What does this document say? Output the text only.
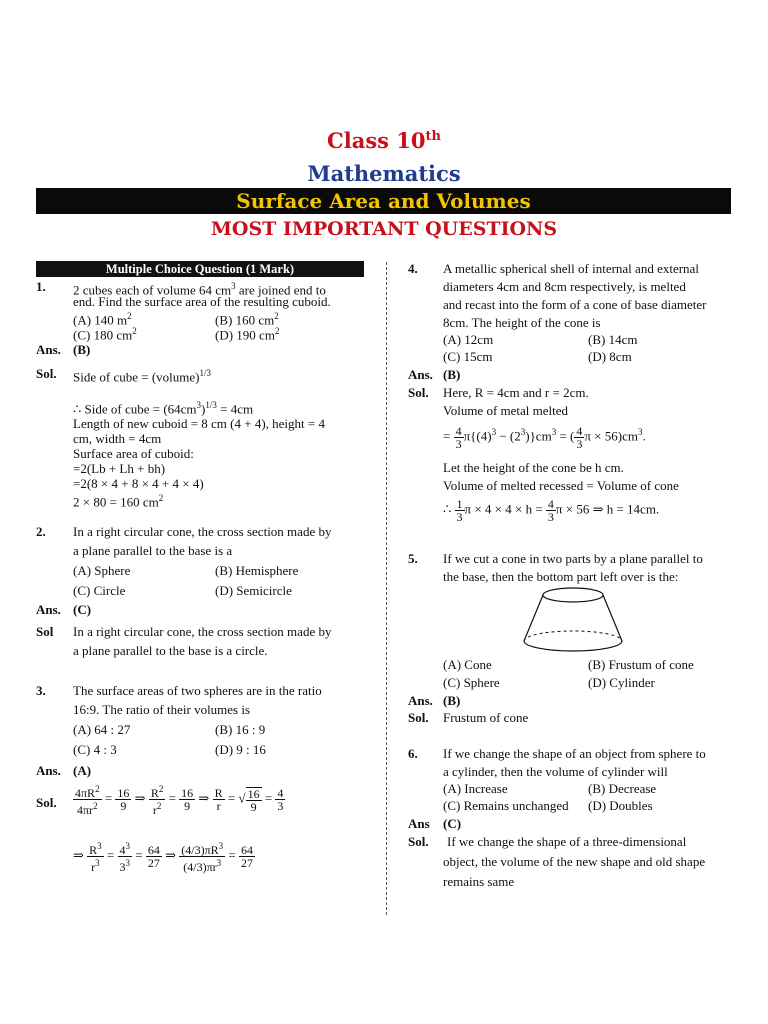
Class 10th
Mathematics
Surface Area and Volumes
MOST IMPORTANT QUESTIONS
Multiple Choice Question (1 Mark)
1. 2 cubes each of volume 64 $cm^3$ are joined end to
end. Find the surface area of the resulting cuboid.
(A) 140 $m^2$	(B) 160 $cm^2$
(C) 180 $cm^2$	(D) 190 $cm^2$
Ans. (B)
Sol. Side of cube = (volume)$^{1/3}$
∴ Side of cube = $(64cm^3)^{1/3} = 4cm$
Length of new cuboid = 8 cm (4 + 4), height = 4
cm, width = 4cm
Surface area of cuboid:
=2(Lb + Lh + bh)
=2(8 × 4 + 8 × 4 + 4 × 4)
2 × 80 = 160 $cm^2$
2. In a right circular cone, the cross section made by
a plane parallel to the base is a
(A) Sphere	(B) Hemisphere
(C) Circle	(D) Semicircle
Ans. (C)
Sol In a right circular cone, the cross section made by
a plane parallel to the base is a circle.
3. The surface areas of two spheres are in the ratio
16:9. The ratio of their volumes is
(A) 64 : 27	(B) 16 : 9
(C) 4 : 3	(D) 9 : 16
Ans. (A)
Sol. $\frac{4\pi R^2}{4\pi r^2} = \frac{16}{9}$ ⇒ $\frac{R^2}{r^2} = \frac{16}{9}$ ⇒ $\frac{R}{r}$ = √ $\frac{16}{9} = \frac{4}{3}$
⇒ $\frac{R^3}{r^3} = \frac{4^3}{3^3} = \frac{64}{27}$ ⇒ $\frac{(4/3)\pi R^3}{(4/3)\pi r^3} = \frac{64}{27}$
4. A metallic spherical shell of internal and external
diameters 4cm and 8cm respectively, is melted
and recast into the form of a cone of base diameter
8cm. The height of the cone is
(A) 12cm	(B) 14cm
(C) 15cm	(D) 8cm
Ans. (B)
Sol. Here, R = 4cm and r = 2cm.
Volume of metal melted
= $\frac{4}{3} \pi\{(4)^3 - (2^3)\}cm^3$ = ( $\frac{4}{3}$ $\pi \times 56)cm^3$.
Let the height of the cone be h cm.
Volume of melted recessed = Volume of cone
∴ $\frac{1}{3}$ $\pi \times 4 \times 4 \times h = \frac{4}{3}$ π × 56 ⇒ h = 14cm.
5. If we cut a cone in two parts by a plane parallel to
the base, then the bottom part left over is the:
(A) Cone	(B) Frustum of cone
(C) Sphere	(D) Cylinder
Ans. (B)
Sol. Frustum of cone
6. If we change the shape of an object from sphere to
a cylinder, then the volume of cylinder will
(A) Increase	(B) Decrease
(C) Remains unchanged (D) Doubles
Ans (C)
Sol. If we change the shape of a three-dimensional
object, the volume of the new shape and old shape
remains same
